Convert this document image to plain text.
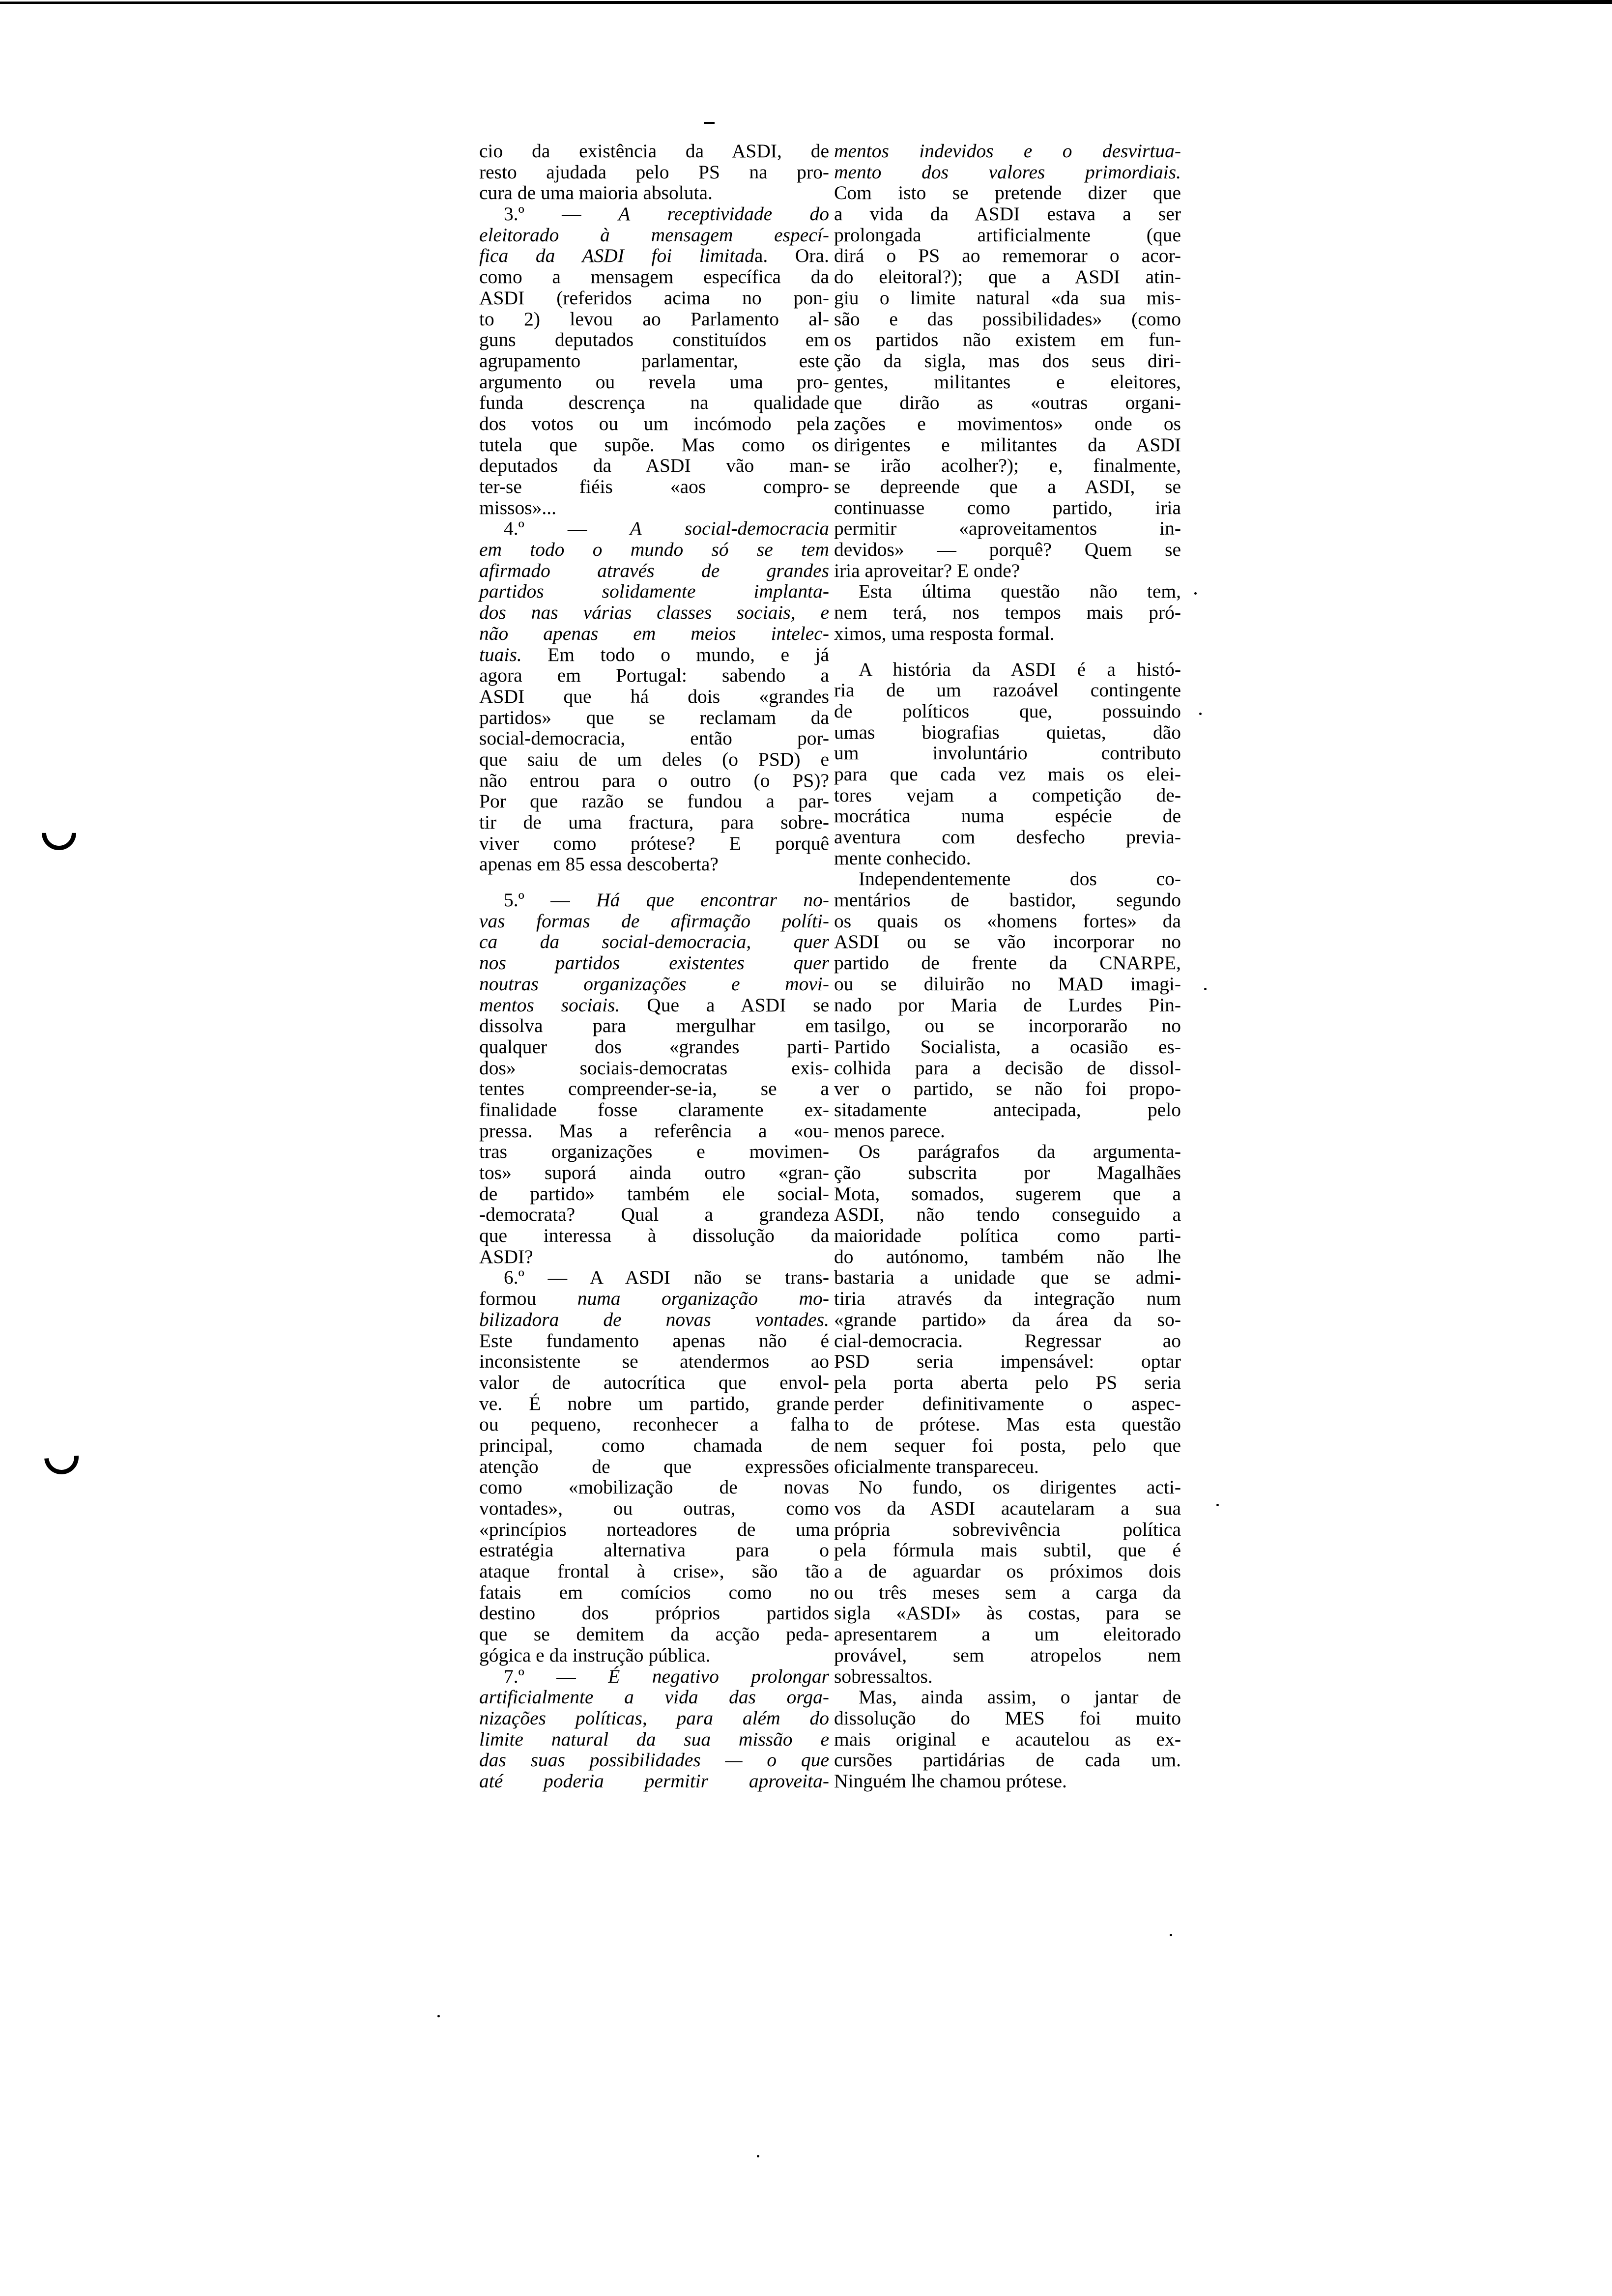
cio da existência da ASDI, de
resto ajudada pelo PS na pro-
cura de uma maioria absoluta.
3.º — A receptividade do
eleitorado à mensagem especí-
fica da ASDI foi limitada. Ora.
como a mensagem específica da
ASDI (referidos acima no pon-
to 2) levou ao Parlamento al-
guns deputados constituídos em
agrupamento parlamentar, este
argumento ou revela uma pro-
funda descrença na qualidade
dos votos ou um incómodo pela
tutela que supõe. Mas como os
deputados da ASDI vão man-
ter-se fiéis «aos compro-
missos»...
4.º — A social-democracia
em todo o mundo só se tem
afirmado através de grandes
partidos solidamente implanta-
dos nas várias classes sociais, e
não apenas em meios intelec-
tuais. Em todo o mundo, e já
agora em Portugal: sabendo a
ASDI que há dois «grandes
partidos» que se reclamam da
social-democracia, então por-
que saiu de um deles (o PSD) e
não entrou para o outro (o PS)?
Por que razão se fundou a par-
tir de uma fractura, para sobre-
viver como prótese? E porquê
apenas em 85 essa descoberta?
5.º — Há que encontrar no-
vas formas de afirmação políti-
ca da social-democracia, quer
nos partidos existentes quer
noutras organizações e movi-
mentos sociais. Que a ASDI se
dissolva para mergulhar em
qualquer dos «grandes parti-
dos» sociais-democratas exis-
tentes compreender-se-ia, se a
finalidade fosse claramente ex-
pressa. Mas a referência a «ou-
tras organizações e movimen-
tos» suporá ainda outro «gran-
de partido» também ele social-
-democrata? Qual a grandeza
que interessa à dissolução da
ASDI?
6.º — A ASDI não se trans-
formou numa organização mo-
bilizadora de novas vontades.
Este fundamento apenas não é
inconsistente se atendermos ao
valor de autocrítica que envol-
ve. É nobre um partido, grande
ou pequeno, reconhecer a falha
principal, como chamada de
atenção de que expressões
como «mobilização de novas
vontades», ou outras, como
«princípios norteadores de uma
estratégia alternativa para o
ataque frontal à crise», são tão
fatais em comícios como no
destino dos próprios partidos
que se demitem da acção peda-
gógica e da instrução pública.
7.º — É negativo prolongar
artificialmente a vida das orga-
nizações políticas, para além do
limite natural da sua missão e
das suas possibilidades — o que
até poderia permitir aproveita-
mentos indevidos e o desvirtua-
mento dos valores primordiais.
Com isto se pretende dizer que
a vida da ASDI estava a ser
prolongada artificialmente (que
dirá o PS ao rememorar o acor-
do eleitoral?); que a ASDI atin-
giu o limite natural «da sua mis-
são e das possibilidades» (como
os partidos não existem em fun-
ção da sigla, mas dos seus diri-
gentes, militantes e eleitores,
que dirão as «outras organi-
zações e movimentos» onde os
dirigentes e militantes da ASDI
se irão acolher?); e, finalmente,
se depreende que a ASDI, se
continuasse como partido, iria
permitir «aproveitamentos in-
devidos» — porquê? Quem se
iria aproveitar? E onde?
Esta última questão não tem,
nem terá, nos tempos mais pró-
ximos, uma resposta formal.
A história da ASDI é a histó-
ria de um razoável contingente
de políticos que, possuindo
umas biografias quietas, dão
um involuntário contributo
para que cada vez mais os elei-
tores vejam a competição de-
mocrática numa espécie de
aventura com desfecho previa-
mente conhecido.
Independentemente dos co-
mentários de bastidor, segundo
os quais os «homens fortes» da
ASDI ou se vão incorporar no
partido de frente da CNARPE,
ou se diluirão no MAD imagi-
nado por Maria de Lurdes Pin-
tasilgo, ou se incorporarão no
Partido Socialista, a ocasião es-
colhida para a decisão de dissol-
ver o partido, se não foi propo-
sitadamente antecipada, pelo
menos parece.
Os parágrafos da argumenta-
ção subscrita por Magalhães
Mota, somados, sugerem que a
ASDI, não tendo conseguido a
maioridade política como parti-
do autónomo, também não lhe
bastaria a unidade que se admi-
tiria através da integração num
«grande partido» da área da so-
cial-democracia. Regressar ao
PSD seria impensável: optar
pela porta aberta pelo PS seria
perder definitivamente o aspec-
to de prótese. Mas esta questão
nem sequer foi posta, pelo que
oficialmente transpareceu.
No fundo, os dirigentes acti-
vos da ASDI acautelaram a sua
própria sobrevivência política
pela fórmula mais subtil, que é
a de aguardar os próximos dois
ou três meses sem a carga da
sigla «ASDI» às costas, para se
apresentarem a um eleitorado
provável, sem atropelos nem
sobressaltos.
Mas, ainda assim, o jantar de
dissolução do MES foi muito
mais original e acautelou as ex-
cursões partidárias de cada um.
Ninguém lhe chamou prótese.
